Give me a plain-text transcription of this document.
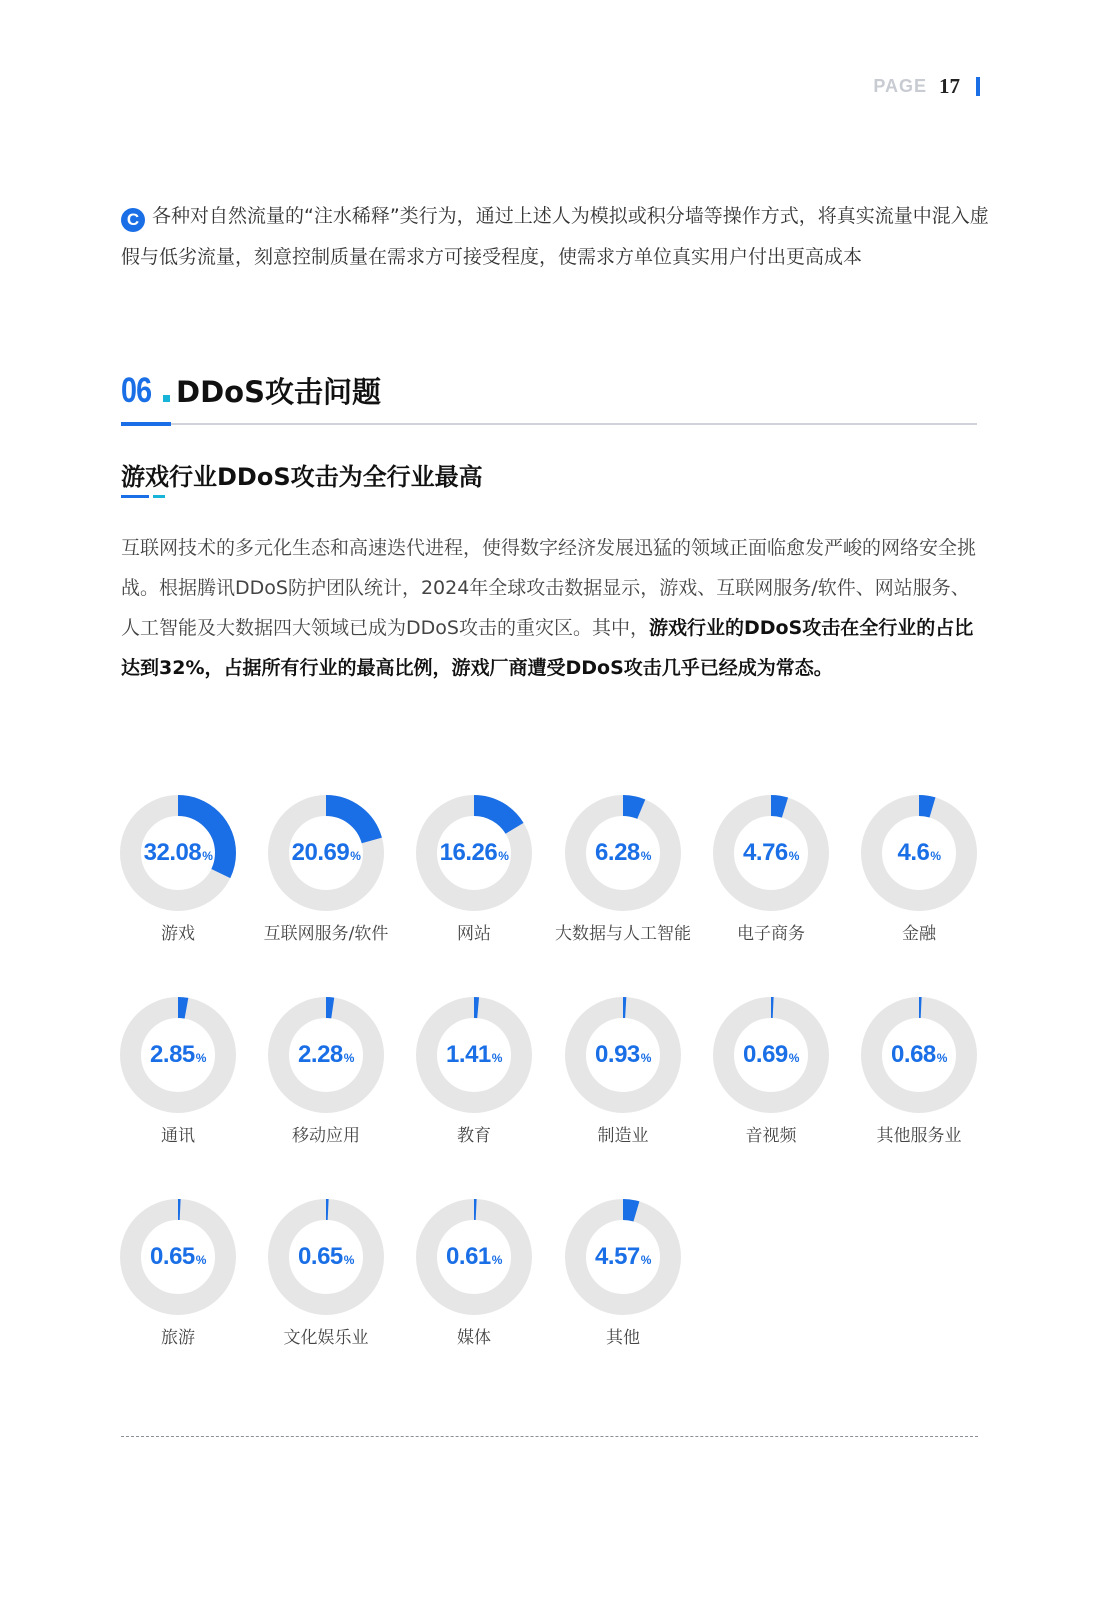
PAGE 17
C 各种对自然流量的“注水稀释”类行为，通过上述人为模拟或积分墙等操作方式，将真实流量中混入虚假与低劣流量，刻意控制质量在需求方可接受程度，使需求方单位真实用户付出更高成本
06 DDoS攻击问题
游戏行业DDoS攻击为全行业最高

互联网技术的多元化生态和高速迭代进程，使得数字经济发展迅猛的领域正面临愈发严峻的网络安全挑战。根据腾讯DDoS防护团队统计，2024年全球攻击数据显示，游戏、互联网服务/软件、网站服务、人工智能及大数据四大领域已成为DDoS攻击的重灾区。其中，游戏行业的DDoS攻击在全行业的占比达到32%，占据所有行业的最高比例，游戏厂商遭受DDoS攻击几乎已经成为常态。

32.08%
游戏
20.69%
互联网服务/软件
16.26%
网站
6.28%
大数据与人工智能
4.76%
电子商务
4.6%
金融
2.85%
通讯
2.28%
移动应用
1.41%
教育
0.93%
制造业
0.69%
音视频
0.68%
其他服务业
0.65%
旅游
0.65%
文化娱乐业
0.61%
媒体
4.57%
其他
